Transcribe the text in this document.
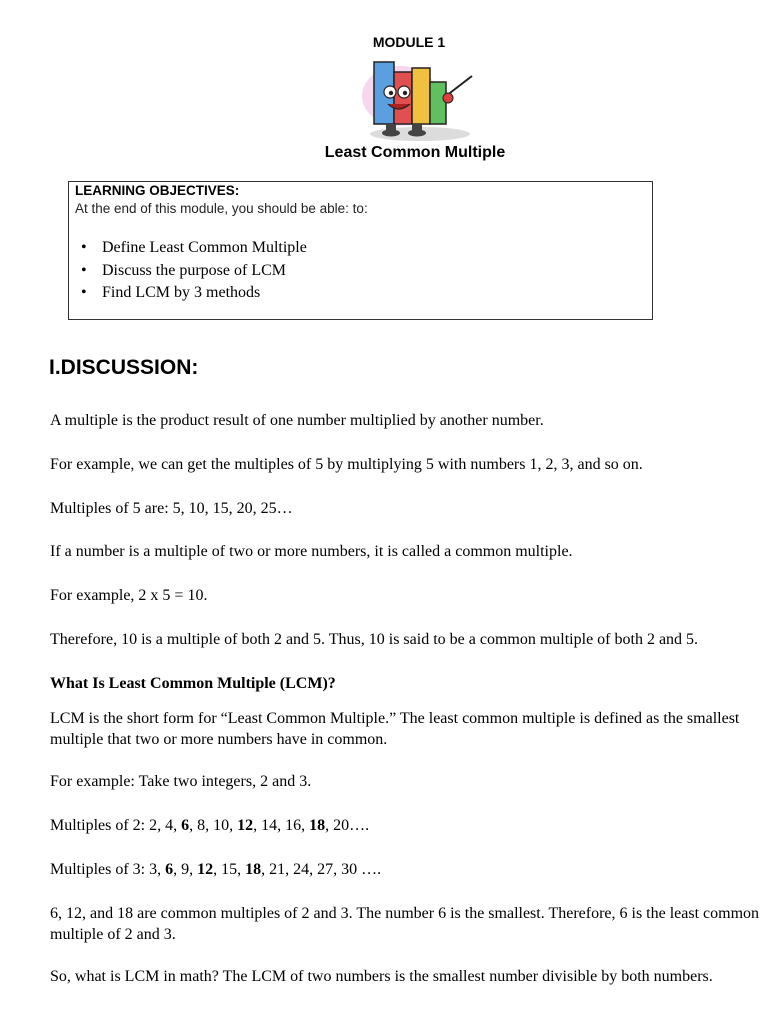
MODULE 1
Least Common Multiple
LEARNING OBJECTIVES:
At the end of this module, you should be able: to:
• Define Least Common Multiple
• Discuss the purpose of LCM
• Find LCM by 3 methods
I.DISCUSSION:

A multiple is the product result of one number multiplied by another number.

For example, we can get the multiples of 5 by multiplying 5 with numbers 1, 2, 3, and so on.

Multiples of 5 are: 5, 10, 15, 20, 25…

If a number is a multiple of two or more numbers, it is called a common multiple.

For example, 2 x 5 = 10.

Therefore, 10 is a multiple of both 2 and 5. Thus, 10 is said to be a common multiple of both 2 and 5.

What Is Least Common Multiple (LCM)?

LCM is the short form for “Least Common Multiple.” The least common multiple is defined as the smallest multiple that two or more numbers have in common.

For example: Take two integers, 2 and 3.

Multiples of 2: 2, 4, 6, 8, 10, 12, 14, 16, 18, 20….

Multiples of 3: 3, 6, 9, 12, 15, 18, 21, 24, 27, 30 ….

6, 12, and 18 are common multiples of 2 and 3. The number 6 is the smallest. Therefore, 6 is the least common multiple of 2 and 3.

So, what is LCM in math? The LCM of two numbers is the smallest number divisible by both numbers.
